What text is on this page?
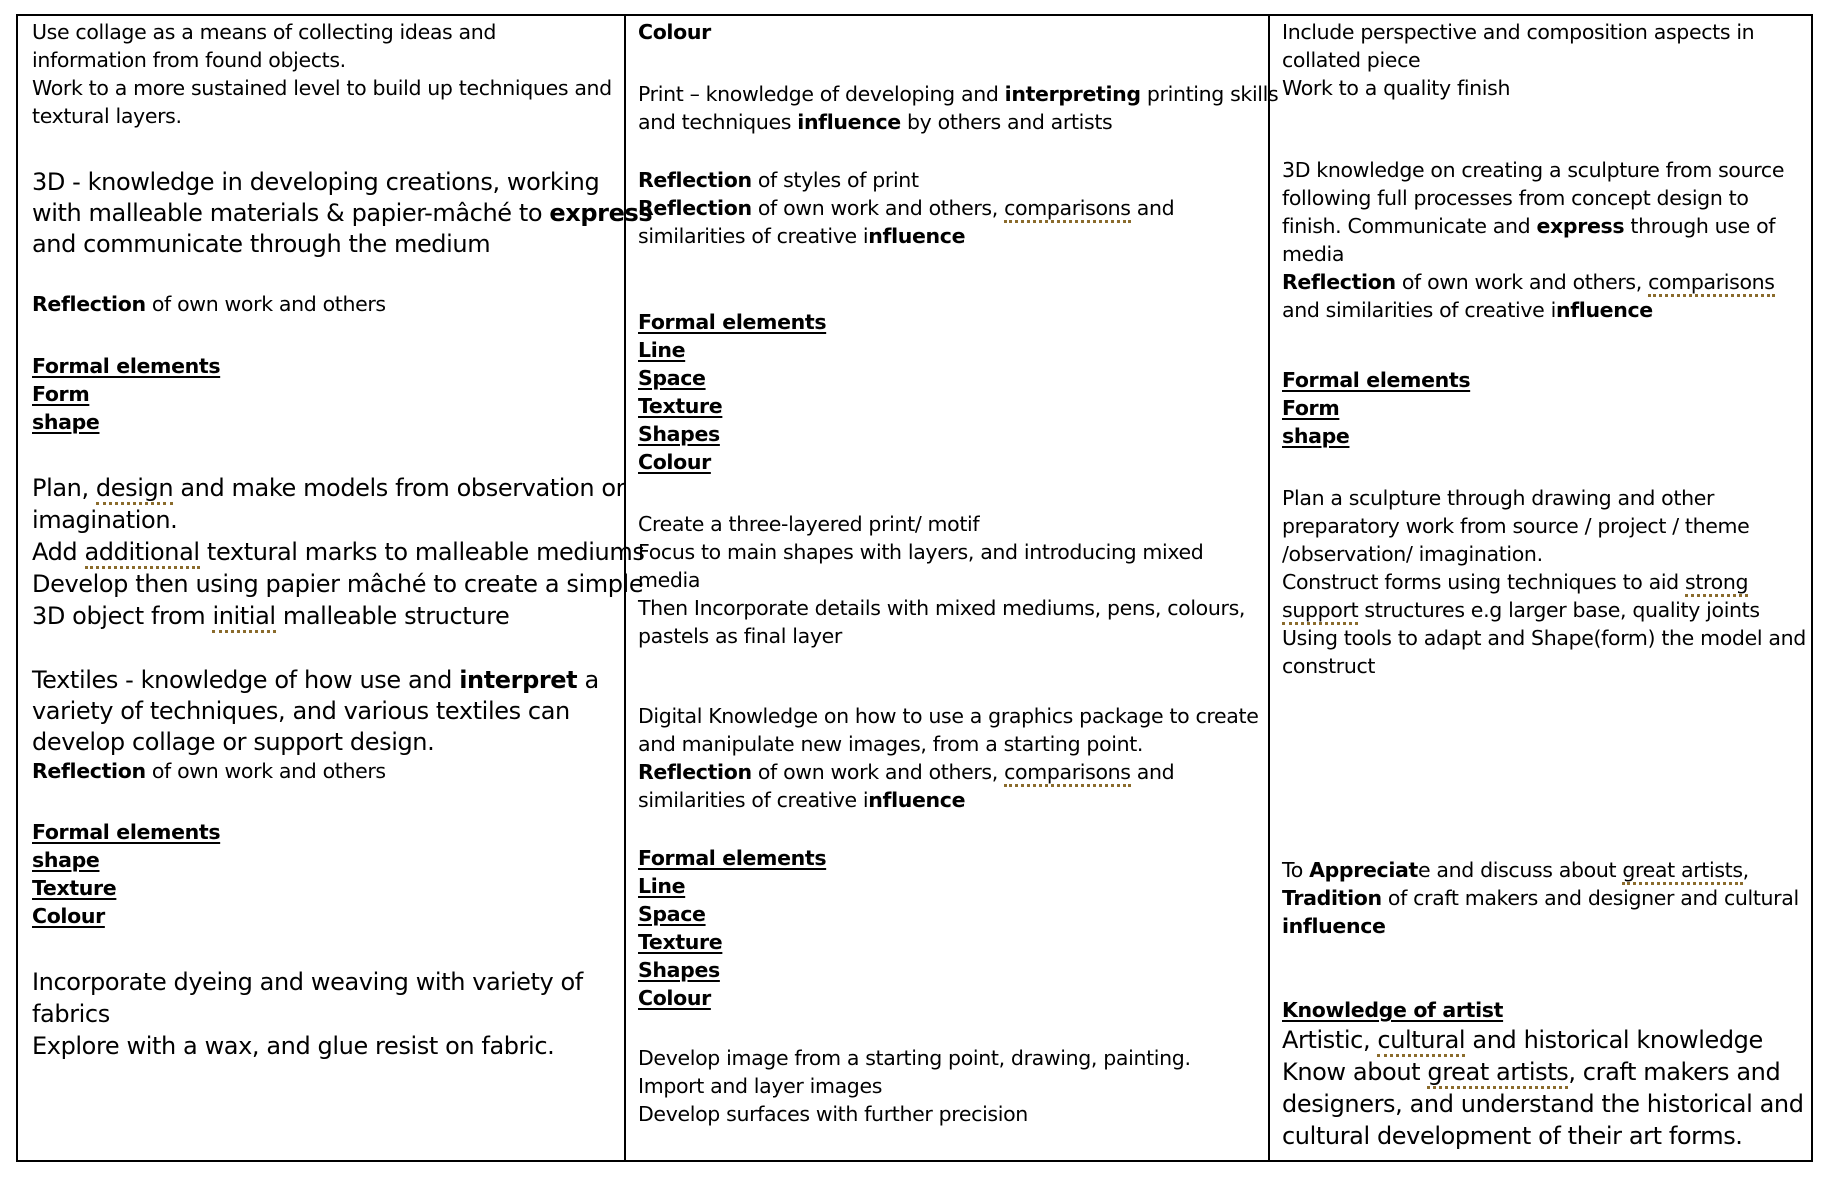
Use collage as a means of collecting ideas and
information from found objects.
Work to a more sustained level to build up techniques and
textural layers.
3D - knowledge in developing creations, working
with malleable materials & papier-mâché to express
and communicate through the medium
Reflection of own work and others
Formal elements
Form
shape
Plan, design and make models from observation or
imagination.
Add additional textural marks to malleable mediums
Develop then using papier mâché to create a simple
3D object from initial malleable structure
Textiles - knowledge of how use and interpret a
variety of techniques, and various textiles can
develop collage or support design.
Reflection of own work and others
Formal elements
shape
Texture
Colour
Incorporate dyeing and weaving with variety of
fabrics
Explore with a wax, and glue resist on fabric.
Colour
Print – knowledge of developing and interpreting printing skills
and techniques influence by others and artists
Reflection of styles of print
Reflection of own work and others, comparisons and
similarities of creative influence
Formal elements
Line
Space
Texture
Shapes
Colour
Create a three-layered print/ motif
Focus to main shapes with layers, and introducing mixed
media
Then Incorporate details with mixed mediums, pens, colours,
pastels as final layer
Digital Knowledge on how to use a graphics package to create
and manipulate new images, from a starting point.
Reflection of own work and others, comparisons and
similarities of creative influence
Formal elements
Line
Space
Texture
Shapes
Colour
Develop image from a starting point, drawing, painting.
Import and layer images
Develop surfaces with further precision
Include perspective and composition aspects in
collated piece
Work to a quality finish
3D knowledge on creating a sculpture from source
following full processes from concept design to
finish. Communicate and express through use of
media
Reflection of own work and others, comparisons
and similarities of creative influence
Formal elements
Form
shape
Plan a sculpture through drawing and other
preparatory work from source / project / theme
/observation/ imagination.
Construct forms using techniques to aid strong
support structures e.g larger base, quality joints
Using tools to adapt and Shape(form) the model and
construct
To Appreciate and discuss about great artists,
Tradition of craft makers and designer and cultural
influence
Knowledge of artist
Artistic, cultural and historical knowledge
Know about great artists, craft makers and
designers, and understand the historical and
cultural development of their art forms.
